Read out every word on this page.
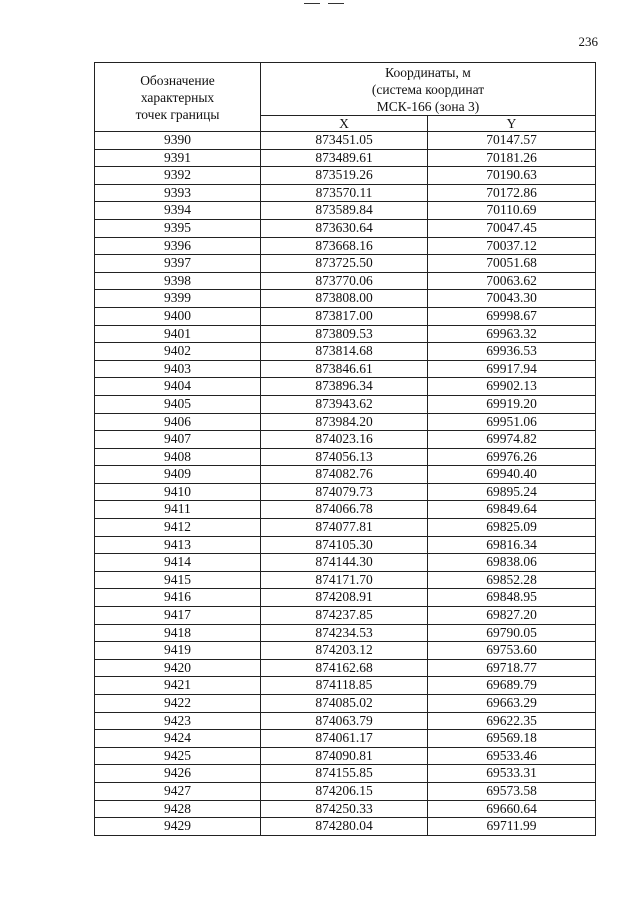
236
Обозначение
характерных
точек границы	Координаты, м
(система координат
МСК-166 (зона 3)	

	X	Y
9390	873451.05	70147.57
9391	873489.61	70181.26
9392	873519.26	70190.63
9393	873570.11	70172.86
9394	873589.84	70110.69
9395	873630.64	70047.45
9396	873668.16	70037.12
9397	873725.50	70051.68
9398	873770.06	70063.62
9399	873808.00	70043.30
9400	873817.00	69998.67
9401	873809.53	69963.32
9402	873814.68	69936.53
9403	873846.61	69917.94
9404	873896.34	69902.13
9405	873943.62	69919.20
9406	873984.20	69951.06
9407	874023.16	69974.82
9408	874056.13	69976.26
9409	874082.76	69940.40
9410	874079.73	69895.24
9411	874066.78	69849.64
9412	874077.81	69825.09
9413	874105.30	69816.34
9414	874144.30	69838.06
9415	874171.70	69852.28
9416	874208.91	69848.95
9417	874237.85	69827.20
9418	874234.53	69790.05
9419	874203.12	69753.60
9420	874162.68	69718.77
9421	874118.85	69689.79
9422	874085.02	69663.29
9423	874063.79	69622.35
9424	874061.17	69569.18
9425	874090.81	69533.46
9426	874155.85	69533.31
9427	874206.15	69573.58
9428	874250.33	69660.64
9429	874280.04	69711.99
